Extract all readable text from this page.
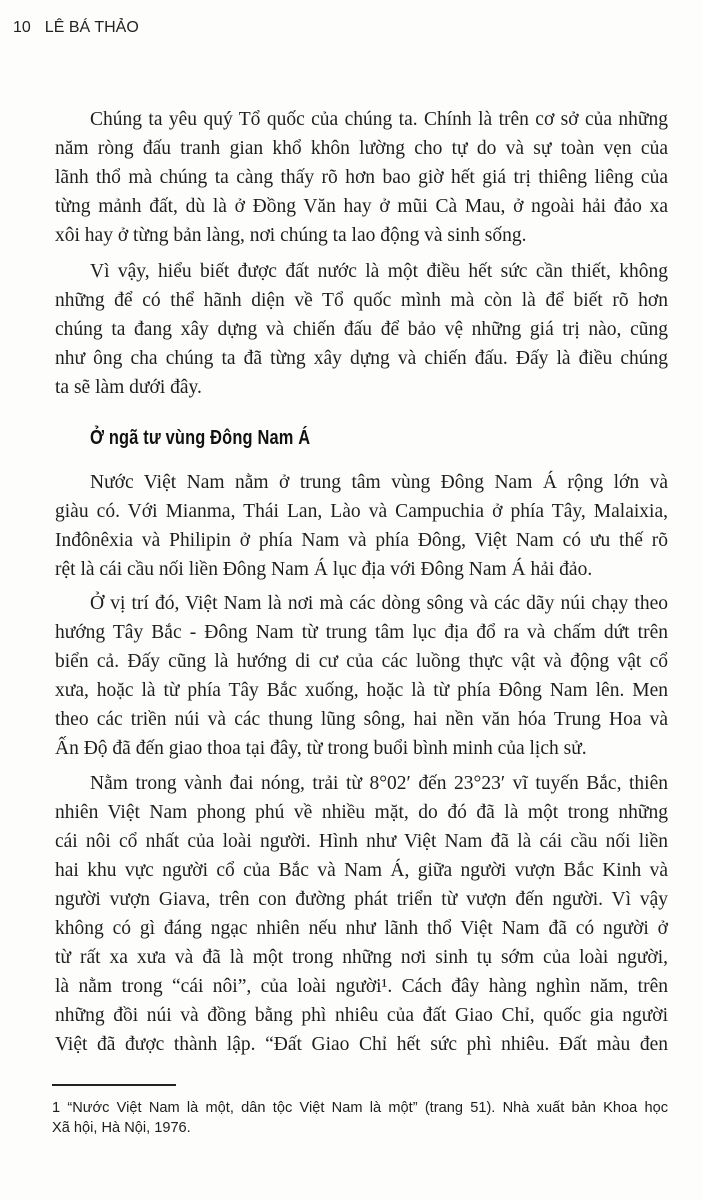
10 LÊ BÁ THẢO
Chúng ta yêu quý Tổ quốc của chúng ta. Chính là trên cơ sở của những
năm ròng đấu tranh gian khổ khôn lường cho tự do và sự toàn vẹn của
lãnh thổ mà chúng ta càng thấy rõ hơn bao giờ hết giá trị thiêng liêng của
từng mảnh đất, dù là ở Đồng Văn hay ở mũi Cà Mau, ở ngoài hải đảo xa
xôi hay ở từng bản làng, nơi chúng ta lao động và sinh sống.
Vì vậy, hiểu biết được đất nước là một điều hết sức cần thiết, không
những để có thể hãnh diện về Tổ quốc mình mà còn là để biết rõ hơn
chúng ta đang xây dựng và chiến đấu để bảo vệ những giá trị nào, cũng
như ông cha chúng ta đã từng xây dựng và chiến đấu. Đấy là điều chúng
ta sẽ làm dưới đây.
Nước Việt Nam nằm ở trung tâm vùng Đông Nam Á rộng lớn và
giàu có. Với Mianma, Thái Lan, Lào và Campuchia ở phía Tây, Malaixia,
Inđônêxia và Philipin ở phía Nam và phía Đông, Việt Nam có ưu thế rõ
rệt là cái cầu nối liền Đông Nam Á lục địa với Đông Nam Á hải đảo.
Ở vị trí đó, Việt Nam là nơi mà các dòng sông và các dãy núi chạy theo
hướng Tây Bắc - Đông Nam từ trung tâm lục địa đổ ra và chấm dứt trên
biển cả. Đấy cũng là hướng di cư của các luồng thực vật và động vật cổ
xưa, hoặc là từ phía Tây Bắc xuống, hoặc là từ phía Đông Nam lên. Men
theo các triền núi và các thung lũng sông, hai nền văn hóa Trung Hoa và
Ấn Độ đã đến giao thoa tại đây, từ trong buổi bình minh của lịch sử.
Nằm trong vành đai nóng, trải từ 8°02′ đến 23°23′ vĩ tuyến Bắc, thiên
nhiên Việt Nam phong phú về nhiều mặt, do đó đã là một trong những
cái nôi cổ nhất của loài người. Hình như Việt Nam đã là cái cầu nối liền
hai khu vực người cổ của Bắc và Nam Á, giữa người vượn Bắc Kinh và
người vượn Giava, trên con đường phát triển từ vượn đến người. Vì vậy
không có gì đáng ngạc nhiên nếu như lãnh thổ Việt Nam đã có người ở
từ rất xa xưa và đã là một trong những nơi sinh tụ sớm của loài người,
là nằm trong “cái nôi”, của loài người¹. Cách đây hàng nghìn năm, trên
những đồi núi và đồng bằng phì nhiêu của đất Giao Chỉ, quốc gia người
Việt đã được thành lập. “Đất Giao Chỉ hết sức phì nhiêu. Đất màu đen
Ở ngã tư vùng Đông Nam Á
1 “Nước Việt Nam là một, dân tộc Việt Nam là một” (trang 51). Nhà xuất bản Khoa học
Xã hội, Hà Nội, 1976.
